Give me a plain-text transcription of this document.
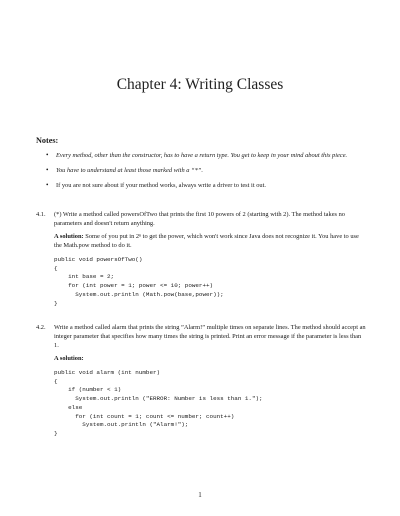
Chapter 4: Writing Classes
Notes:
• Every method, other than the constructor, has to have a return type. You get to keep in your mind about this piece.
• You have to understand at least those marked with a “*”.
• If you are not sure about if your method works, always write a driver to test it out.
4.1. (*) Write a method called powersOfTwo that prints the first 10 powers of 2 (starting with 2). The method takes no parameters and doesn't return anything.

A solution: Some of you put in 2ⁿ to get the power, which won't work since Java does not recognize it. You have to use the Math.pow method to do it.

public void powersOfTwo()
{
int base = 2;
for (int power = 1; power <= 10; power++)
System.out.println (Math.pow(base,power));
}
4.2. Write a method called alarm that prints the string ”Alarm!” multiple times on separate lines. The method should accept an integer parameter that specifies how many times the string is printed. Print an error message if the parameter is less than 1.

A solution:

public void alarm (int number)
{
if (number < 1)
System.out.println ("ERROR: Number is less than 1.");
else
for (int count = 1; count <= number; count++)
System.out.println ("Alarm!");
}
1
